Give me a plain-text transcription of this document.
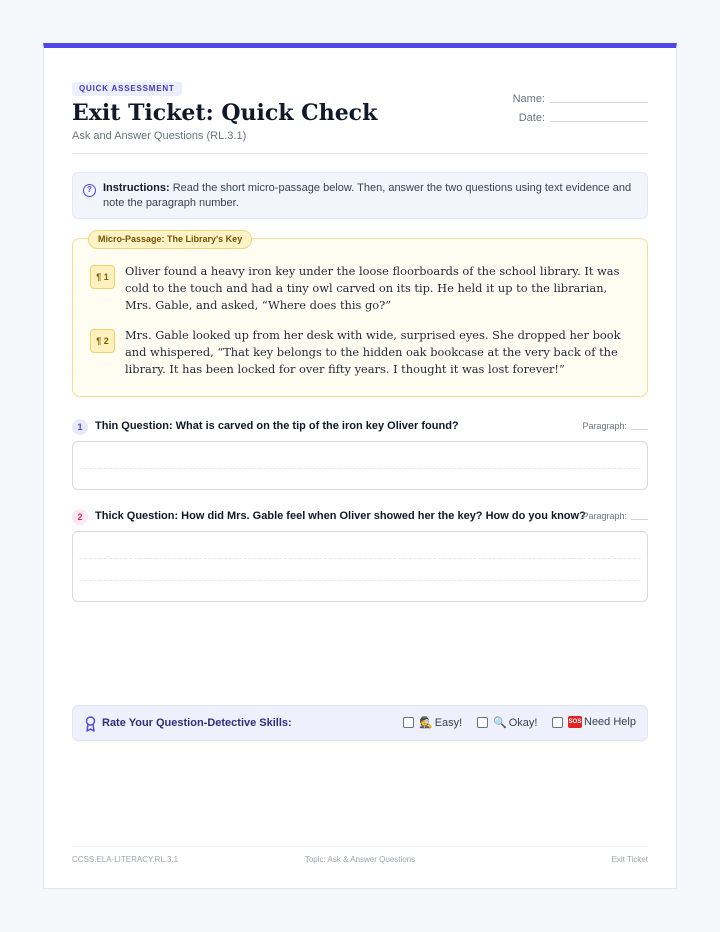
QUICK ASSESSMENT
Exit Ticket: Quick Check
Ask and Answer Questions (RL.3.1)
Name:
Date:
?	Instructions: Read the short micro-passage below. Then, answer the two questions using text evidence and note the paragraph number.
Micro-Passage: The Library's Key
¶ 1	Oliver found a heavy iron key under the loose floorboards of the school library. It was cold to the touch and had a tiny owl carved on its tip. He held it up to the librarian, Mrs. Gable, and asked, “Where does this go?”
¶ 2	Mrs. Gable looked up from her desk with wide, surprised eyes. She dropped her book and whispered, “That key belongs to the hidden oak bookcase at the very back of the library. It has been locked for over fifty years. I thought it was lost forever!”
1	Thin Question: What is carved on the tip of the iron key Oliver found?	Paragraph:
2	Thick Question: How did Mrs. Gable feel when Oliver showed her the key? How do you know?
Paragraph:
Rate Your Question-Detective Skills:	🕵 Easy!	🔍 Okay!	SOS Need Help
CCSS.ELA-LITERACY.RL.3.1	Topic: Ask & Answer Questions	Exit Ticket
